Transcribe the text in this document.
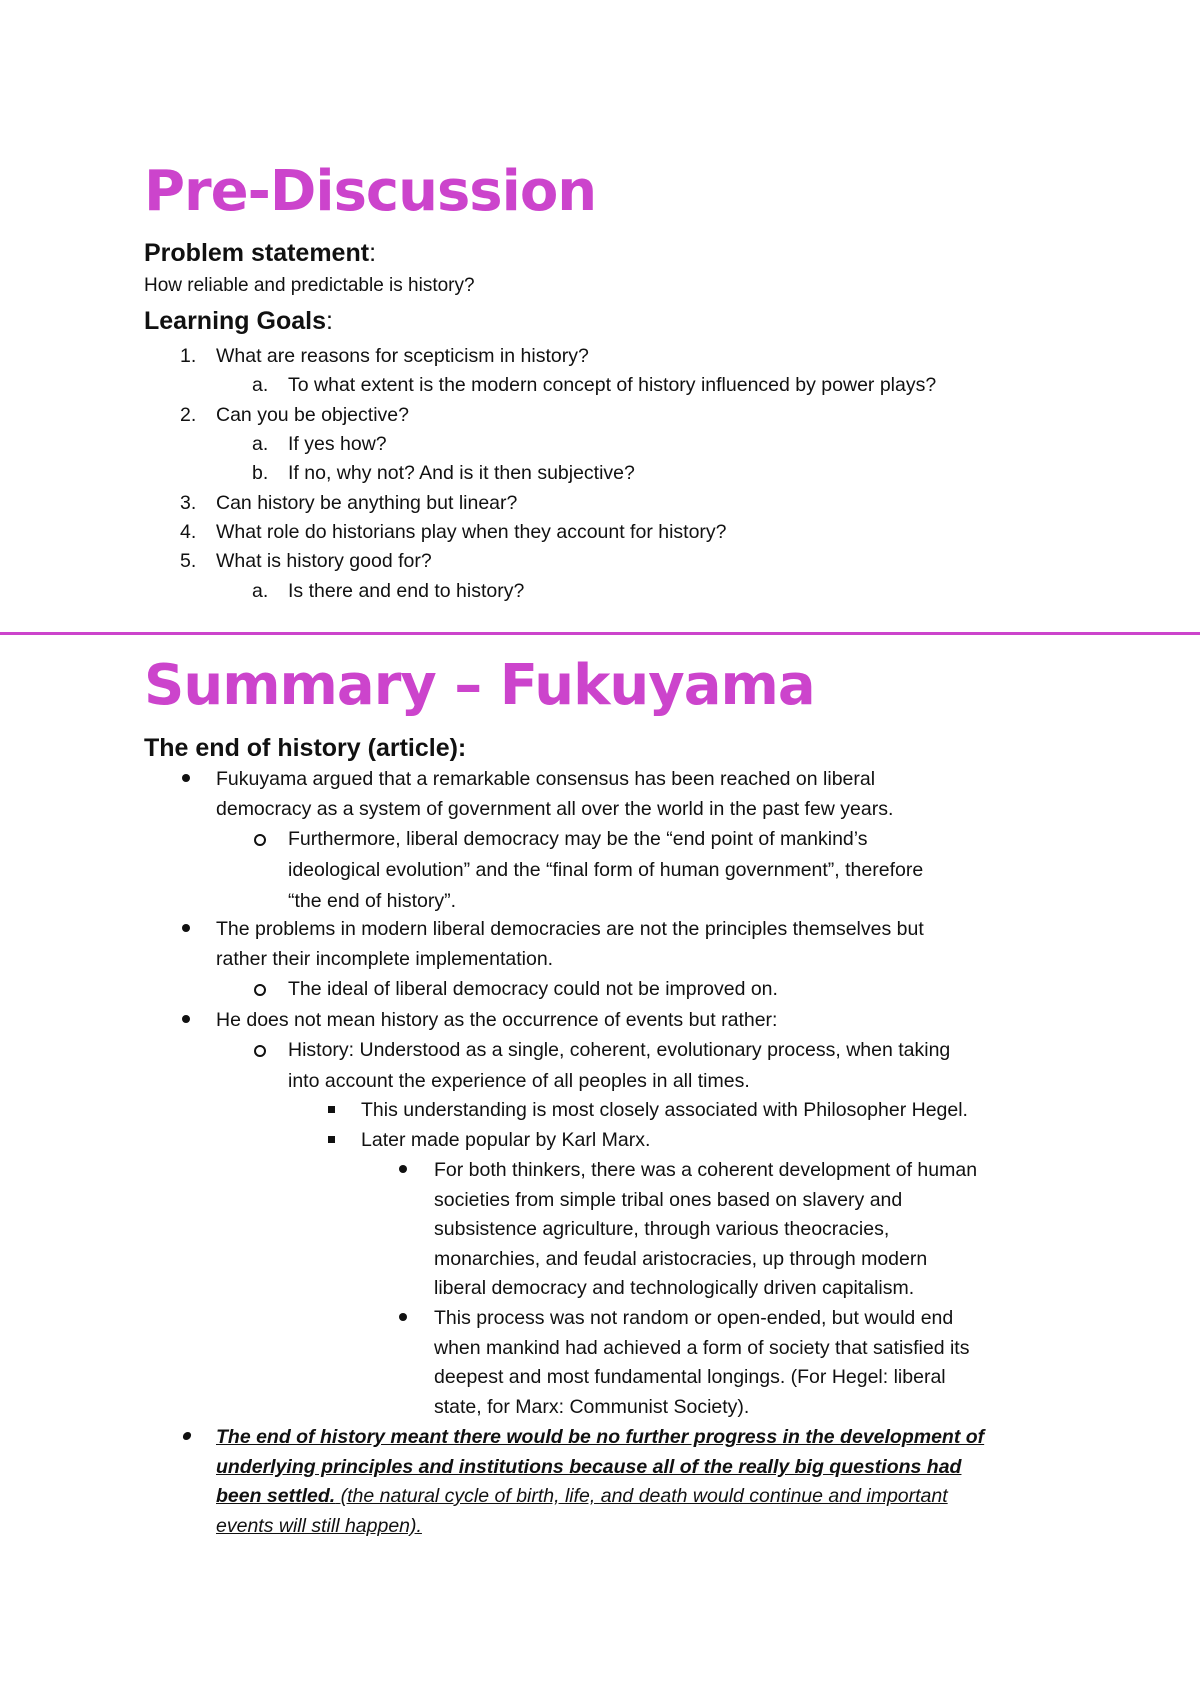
Pre-Discussion
Problem statement:

How reliable and predictable is history?

Learning Goals:
1. What are reasons for scepticism in history?
a. To what extent is the modern concept of history influenced by power plays?
2. Can you be objective?
a. If yes how?
b. If no, why not? And is it then subjective?
3. Can history be anything but linear?
4. What role do historians play when they account for history?
5. What is history good for?
a. Is there and end to history?
Summary – Fukuyama
The end of history (article):
Fukuyama argued that a remarkable consensus has been reached on liberal
democracy as a system of government all over the world in the past few years.
Furthermore, liberal democracy may be the “end point of mankind’s
ideological evolution” and the “final form of human government”, therefore
“the end of history”.
The problems in modern liberal democracies are not the principles themselves but
rather their incomplete implementation.
The ideal of liberal democracy could not be improved on.
He does not mean history as the occurrence of events but rather:
History: Understood as a single, coherent, evolutionary process, when taking
into account the experience of all peoples in all times.
This understanding is most closely associated with Philosopher Hegel.
Later made popular by Karl Marx.
For both thinkers, there was a coherent development of human
societies from simple tribal ones based on slavery and
subsistence agriculture, through various theocracies,
monarchies, and feudal aristocracies, up through modern
liberal democracy and technologically driven capitalism.
This process was not random or open-ended, but would end
when mankind had achieved a form of society that satisfied its
deepest and most fundamental longings. (For Hegel: liberal
state, for Marx: Communist Society).
The end of history meant there would be no further progress in the development of
underlying principles and institutions because all of the really big questions had
been settled. (the natural cycle of birth, life, and death would continue and important
events will still happen).
